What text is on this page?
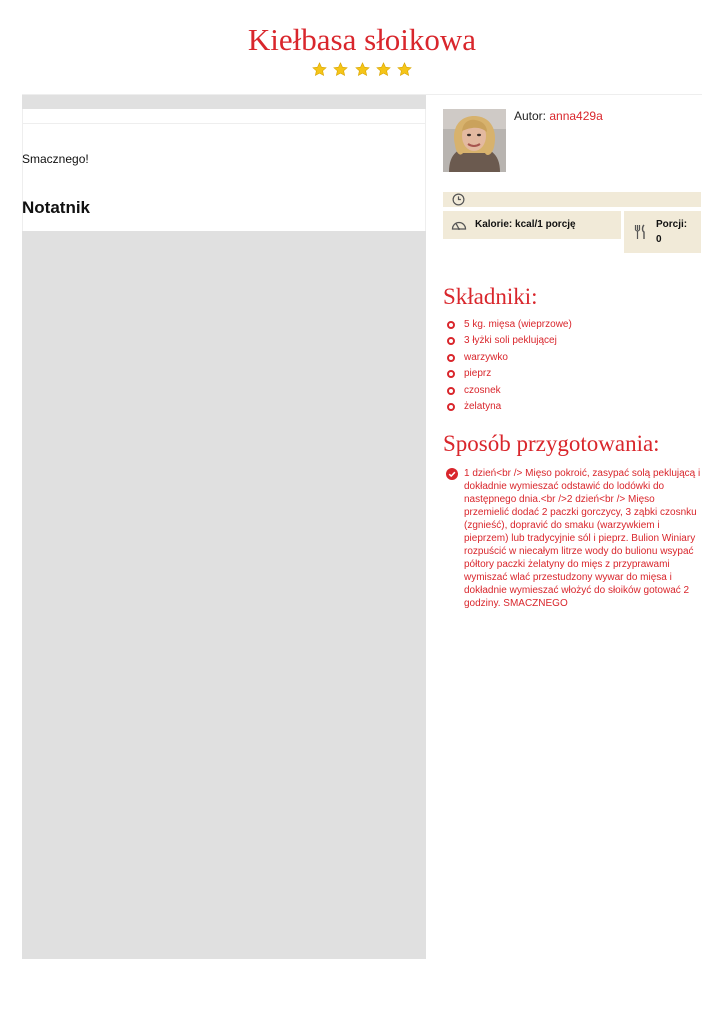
Kiełbasa słoikowa

Smacznego!
Notatnik
Autor: anna429a
Kalorie: kcal/1 porcję	Porcji:
0
Składniki:
5 kg. mięsa (wieprzowe)
3 łyżki soli peklującej
warzywko
pieprz
czosnek
żelatyna
Sposób przygotowania:
1 dzień<br /> Mięso pokroić, zasypać solą peklującą i dokładnie wymieszać odstawić do lodówki do następnego dnia.<br />2 dzień<br /> Mięso przemielić dodać 2 paczki gorczycy, 3 ząbki czosnku (zgnieść), dopravić do smaku (warzywkiem i pieprzem) lub tradycyjnie sól i pieprz. Bulion Winiary rozpuścić w niecałym litrze wody do bulionu wsypać półtory paczki żelatyny do mięs z przyprawami wymiszać wlać przestudzony wywar do mięsa i dokładnie wymieszać włożyć do słoików gotować 2 godziny. SMACZNEGO
